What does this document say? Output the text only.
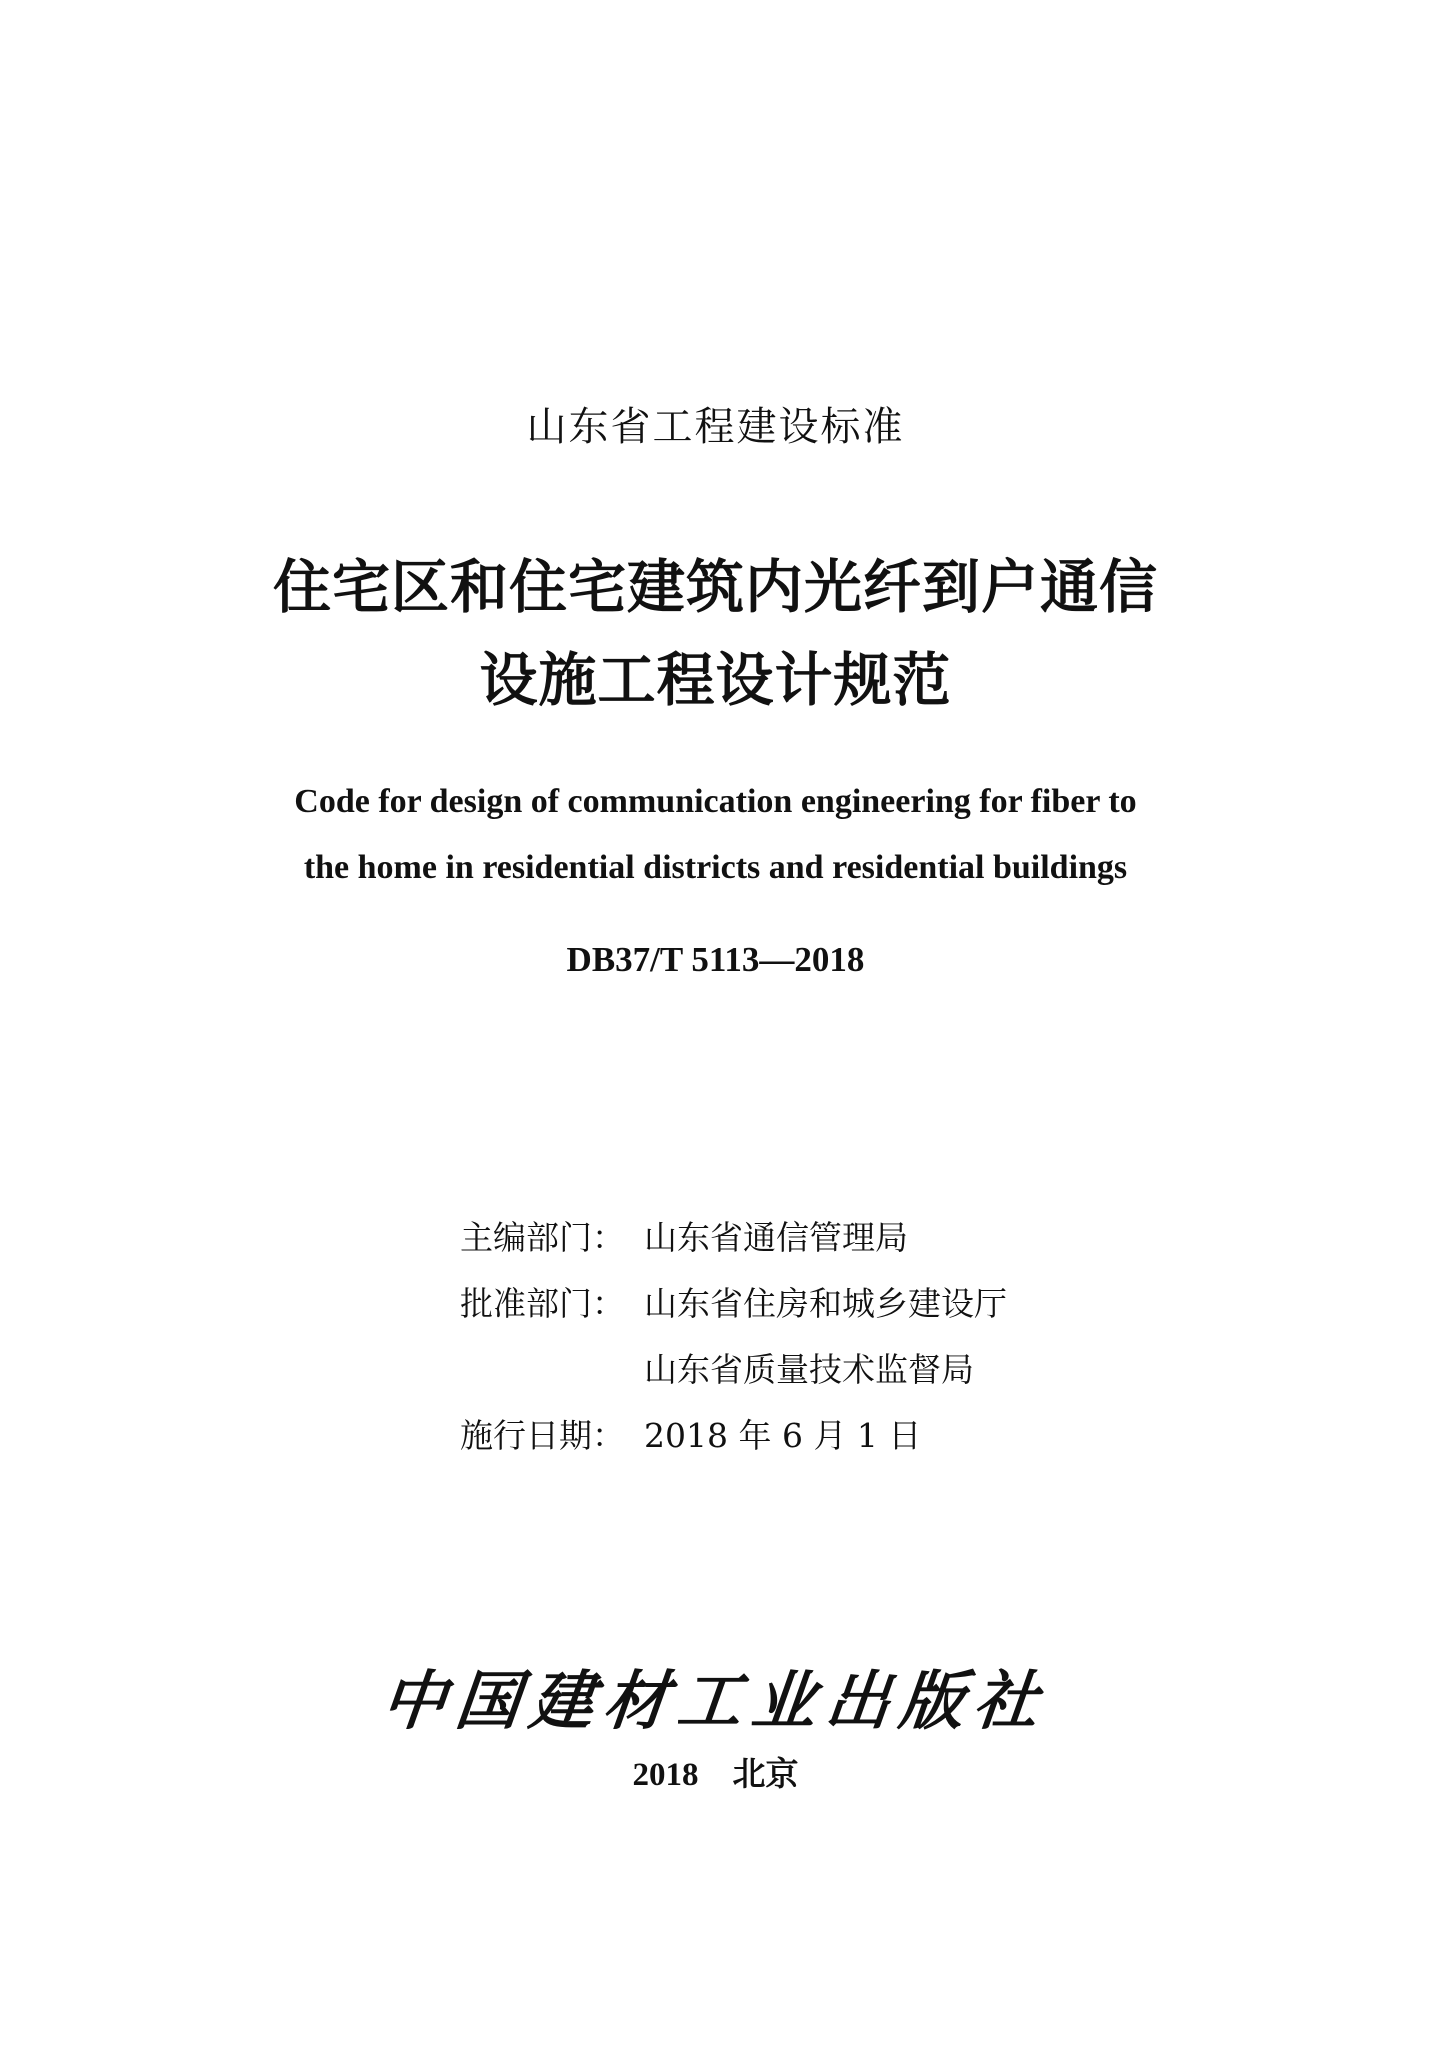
山东省工程建设标准
住宅区和住宅建筑内光纤到户通信
设施工程设计规范
Code for design of communication engineering for fiber to
the home in residential districts and residential buildings
DB37/T 5113—2018
主编部门： 山东省通信管理局
批准部门： 山东省住房和城乡建设厅
山东省质量技术监督局
施行日期： 2018 年 6 月 1 日
中国建材工业出版社
2018 北京
